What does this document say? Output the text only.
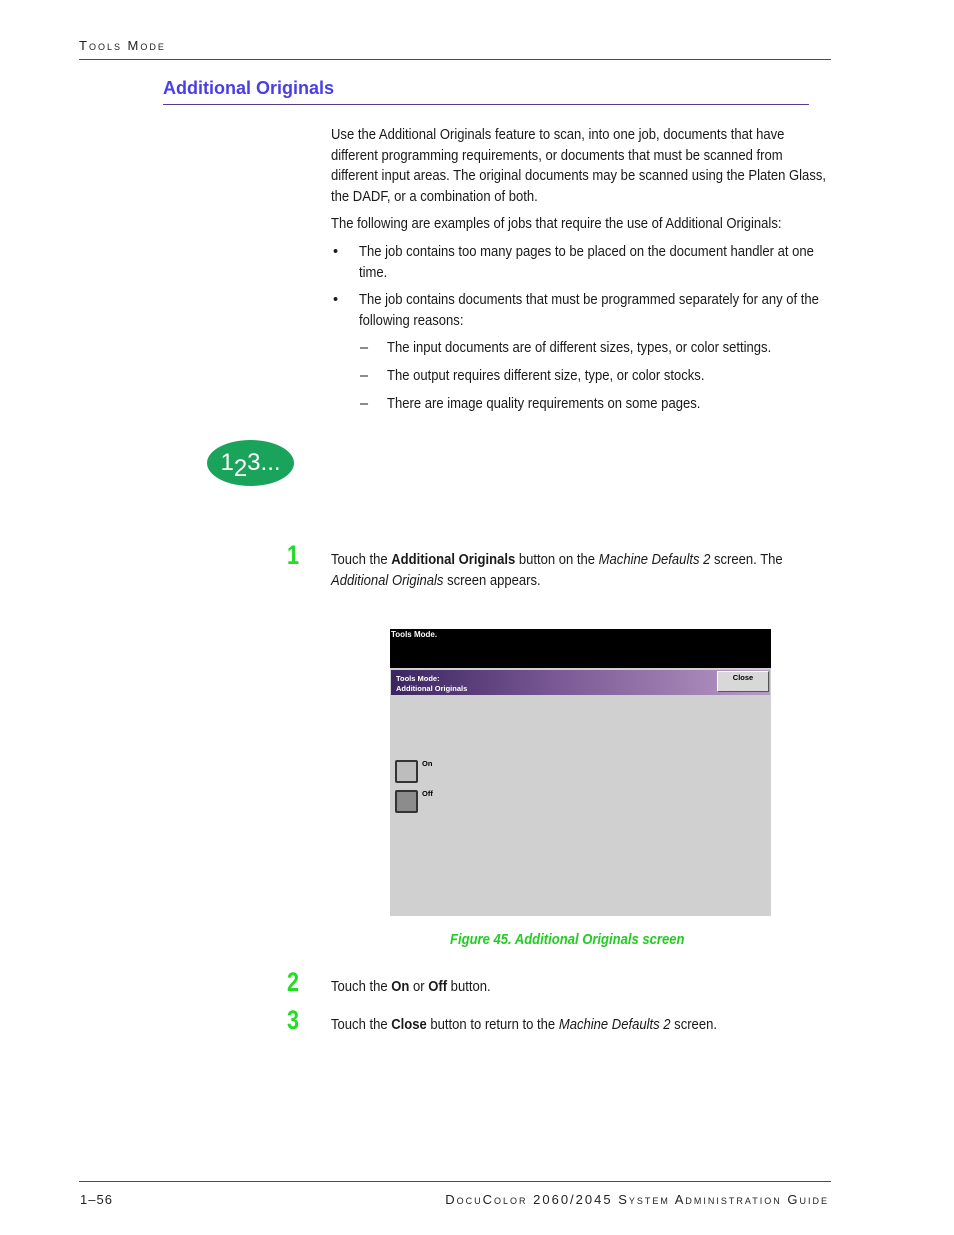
Tools Mode
Additional Originals
Use the Additional Originals feature to scan, into one job, documents that have different programming requirements, or documents that must be scanned from different input areas. The original documents may be scanned using the Platen Glass, the DADF, or a combination of both.
The following are examples of jobs that require the use of Additional Originals:
• The job contains too many pages to be placed on the document handler at one time.
• The job contains documents that must be programmed separately for any of the following reasons:
– The input documents are of different sizes, types, or color settings.
– The output requires different size, type, or color stocks.
– There are image quality requirements on some pages.
1 2 3...
1 Touch the Additional Originals button on the Machine Defaults 2 screen. The Additional Originals screen appears.
Tools Mode.
Tools Mode:
Additional Originals
Close
On
Off
Figure 45. Additional Originals screen
2 Touch the On or Off button.
3 Touch the Close button to return to the Machine Defaults 2 screen.
1–56	DocuColor 2060/2045 System Administration Guide
